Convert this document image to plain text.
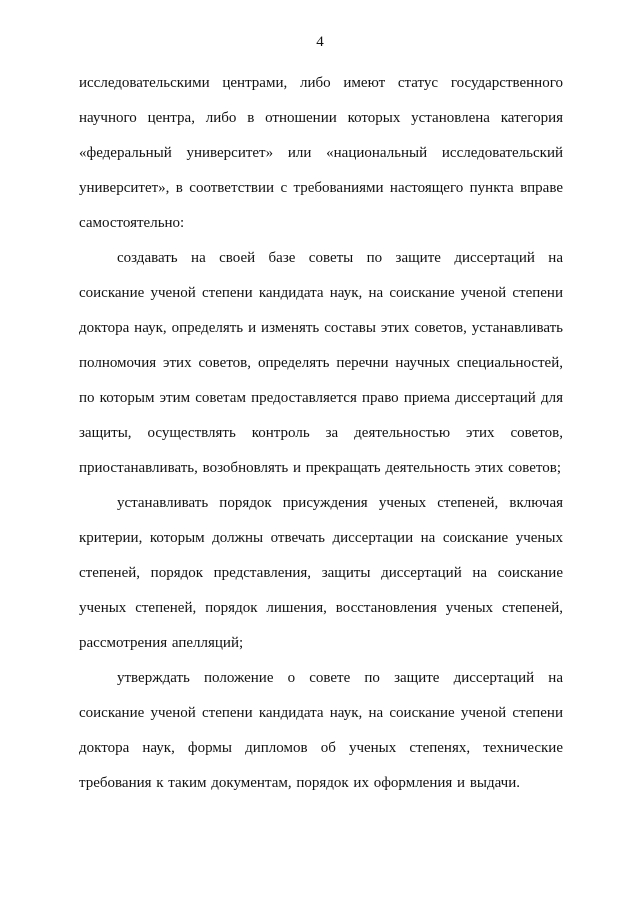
4

исследовательскими центрами, либо имеют статус государственного научного центра, либо в отношении которых установлена категория «федеральный университет» или «национальный исследовательский университет», в соответствии с требованиями настоящего пункта вправе самостоятельно:

создавать на своей базе советы по защите диссертаций на соискание ученой степени кандидата наук, на соискание ученой степени доктора наук, определять и изменять составы этих советов, устанавливать полномочия этих советов, определять перечни научных специальностей, по которым этим советам предоставляется право приема диссертаций для защиты, осуществлять контроль за деятельностью этих советов, приостанавливать, возобновлять и прекращать деятельность этих советов;

устанавливать порядок присуждения ученых степеней, включая критерии, которым должны отвечать диссертации на соискание ученых степеней, порядок представления, защиты диссертаций на соискание ученых степеней, порядок лишения, восстановления ученых степеней, рассмотрения апелляций;

утверждать положение о совете по защите диссертаций на соискание ученой степени кандидата наук, на соискание ученой степени доктора наук, формы дипломов об ученых степенях, технические требования к таким документам, порядок их оформления и выдачи.
